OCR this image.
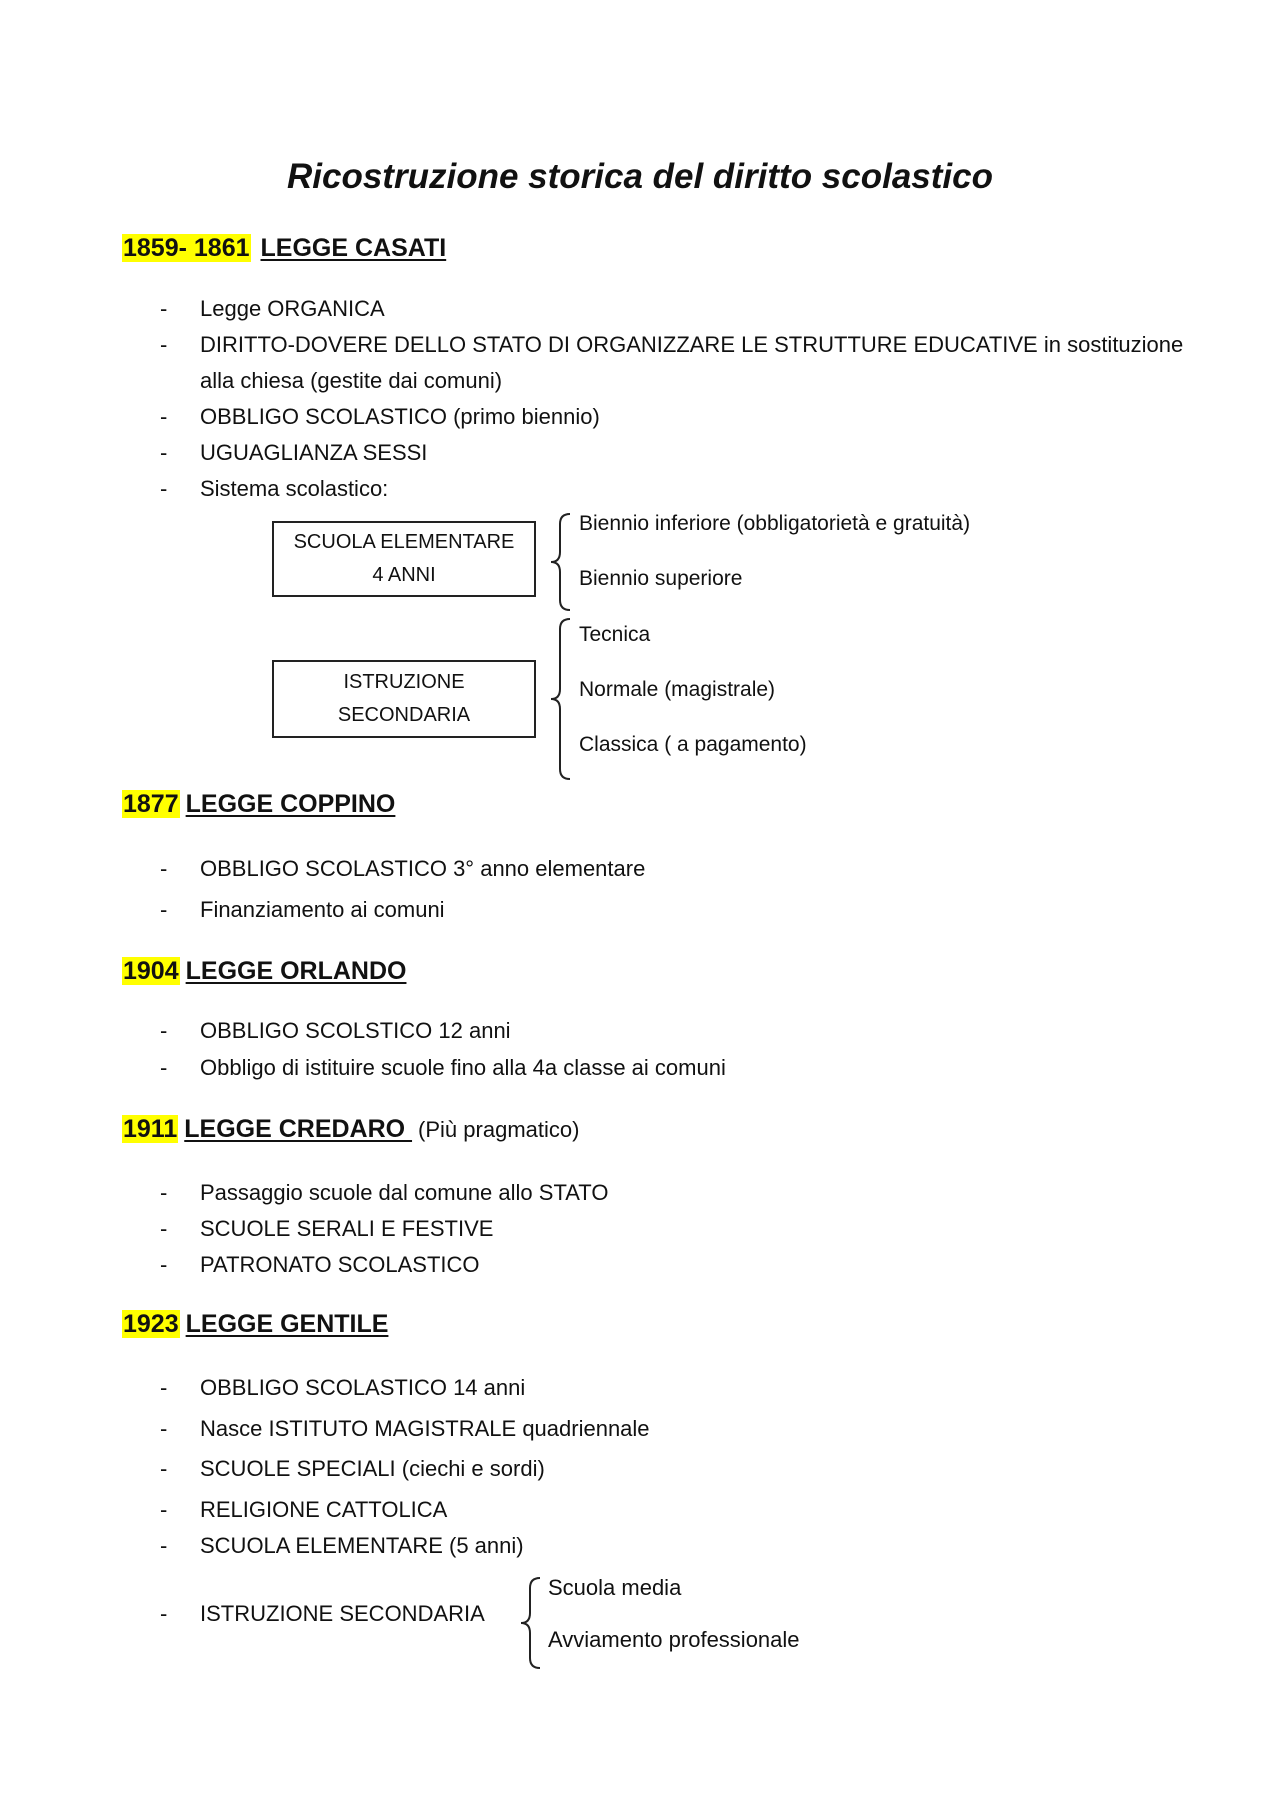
Ricostruzione storica del diritto scolastico
1859- 1861 LEGGE CASATI
- Legge ORGANICA
- DIRITTO-DOVERE DELLO STATO DI ORGANIZZARE LE STRUTTURE EDUCATIVE in sostituzione alla chiesa (gestite dai comuni)
- OBBLIGO SCOLASTICO (primo biennio)
- UGUAGLIANZA SESSI
- Sistema scolastico:
SCUOLA ELEMENTARE
4 ANNI
Biennio inferiore (obbligatorietà e gratuità)
Biennio superiore
ISTRUZIONE
SECONDARIA
Tecnica
Normale (magistrale)
Classica ( a pagamento)
1877 LEGGE COPPINO
- OBBLIGO SCOLASTICO 3° anno elementare
- Finanziamento ai comuni
1904 LEGGE ORLANDO
- OBBLIGO SCOLSTICO 12 anni
- Obbligo di istituire scuole fino alla 4a classe ai comuni
1911 LEGGE CREDARO (Più pragmatico)
- Passaggio scuole dal comune allo STATO
- SCUOLE SERALI E FESTIVE
- PATRONATO SCOLASTICO
1923 LEGGE GENTILE
- OBBLIGO SCOLASTICO 14 anni
- Nasce ISTITUTO MAGISTRALE quadriennale
- SCUOLE SPECIALI (ciechi e sordi)
- RELIGIONE CATTOLICA
- SCUOLA ELEMENTARE (5 anni)
- ISTRUZIONE SECONDARIA
Scuola media
Avviamento professionale
